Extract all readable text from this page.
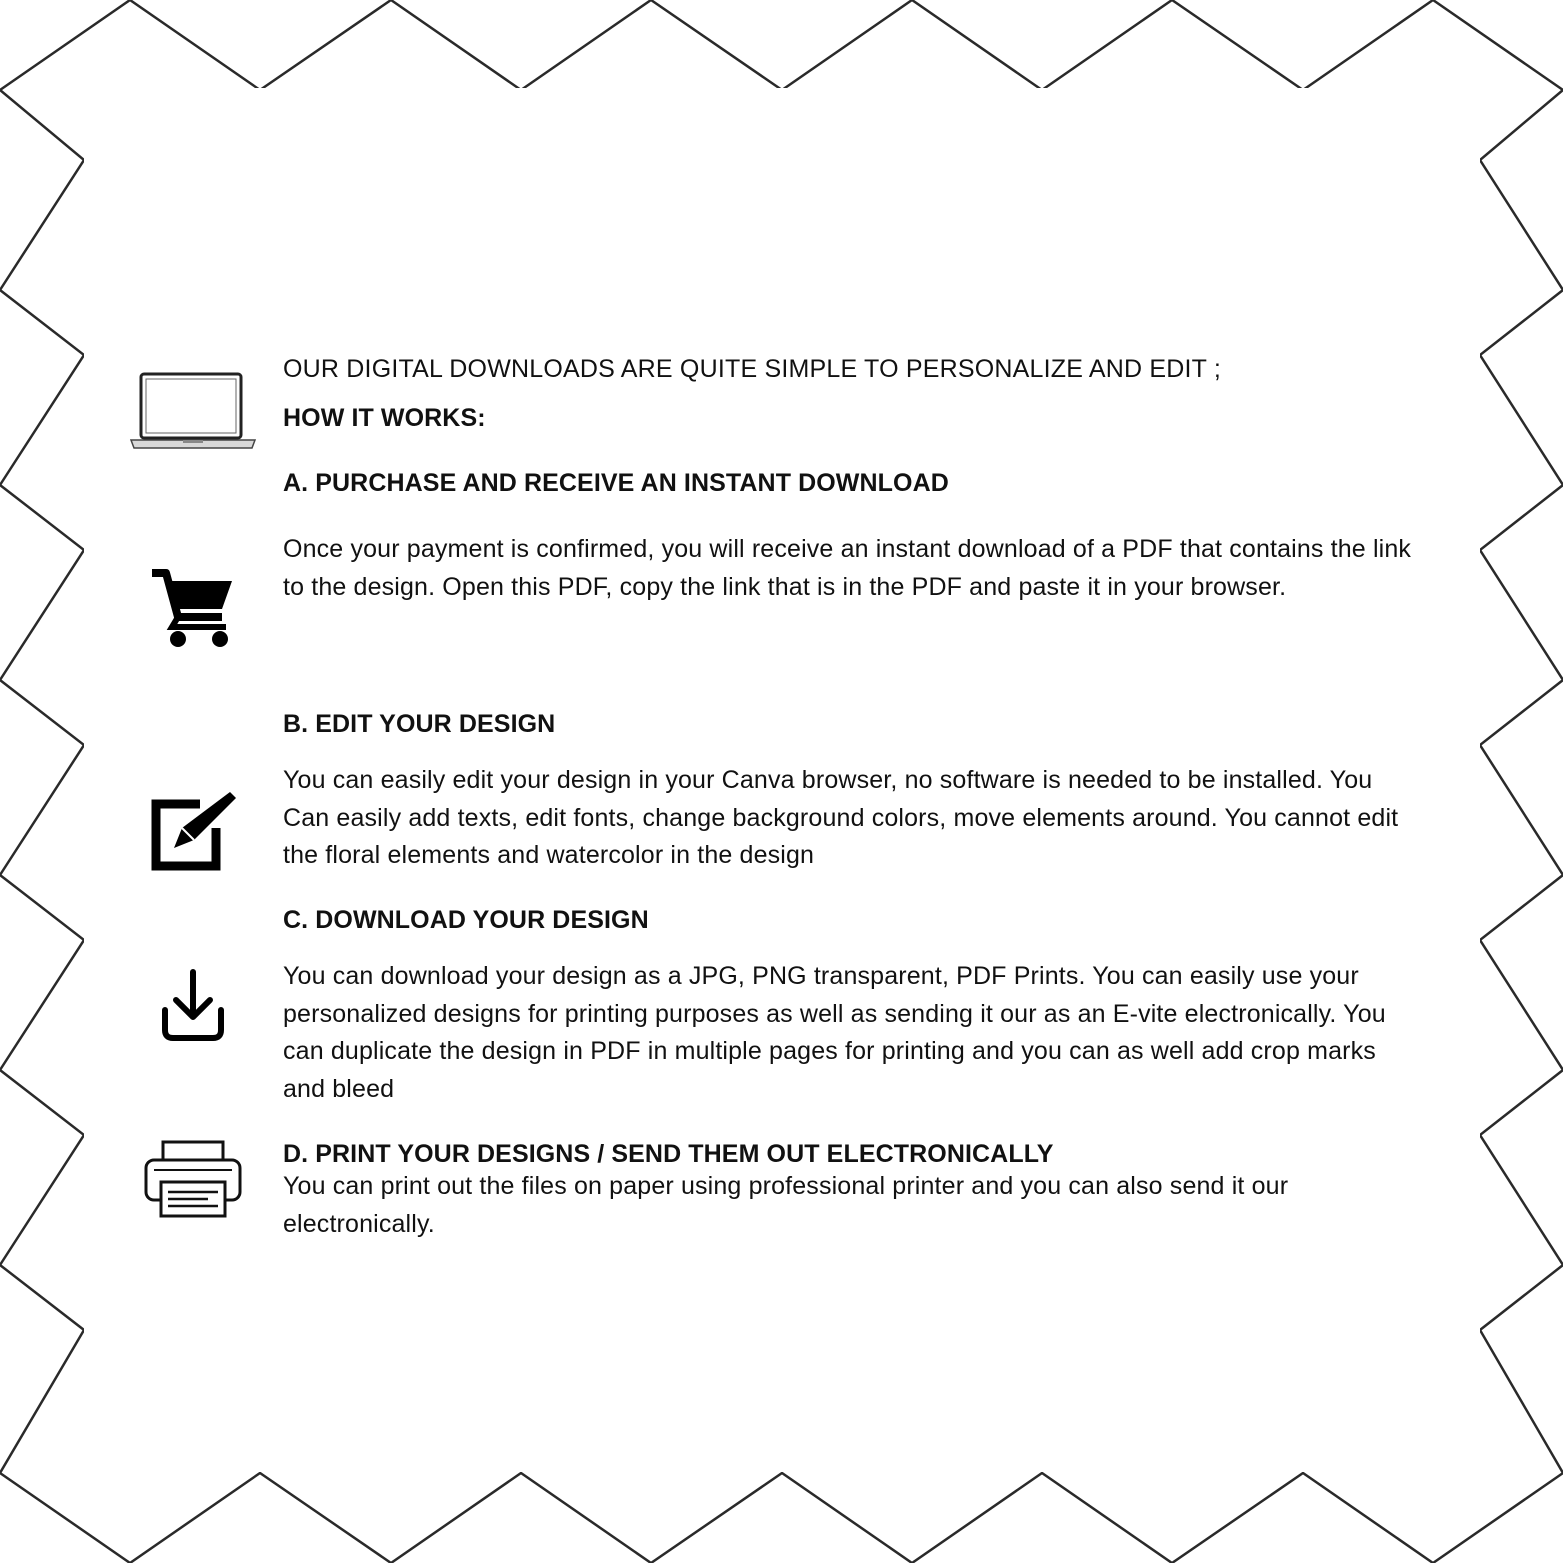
OUR DIGITAL DOWNLOADS ARE QUITE SIMPLE TO PERSONALIZE AND EDIT ;

HOW IT WORKS:

A. PURCHASE AND RECEIVE AN INSTANT DOWNLOAD

Once your payment is confirmed, you will receive an instant download of a PDF that contains the link to the design. Open this PDF, copy the link that is in the PDF and paste it in your browser.

B. EDIT YOUR DESIGN

You can easily edit your design in your Canva browser, no software is needed to be installed. You Can easily add texts, edit fonts, change background colors, move elements around. You cannot edit the floral elements and watercolor in the design

C. DOWNLOAD YOUR DESIGN

You can download your design as a JPG, PNG transparent, PDF Prints. You can easily use your personalized designs for printing purposes as well as sending it our as an E-vite electronically. You can duplicate the design in PDF in multiple pages for printing and you can as well add crop marks and bleed

D. PRINT YOUR DESIGNS / SEND THEM OUT ELECTRONICALLY

You can print out the files on paper using professional printer and you can also send it our electronically.
